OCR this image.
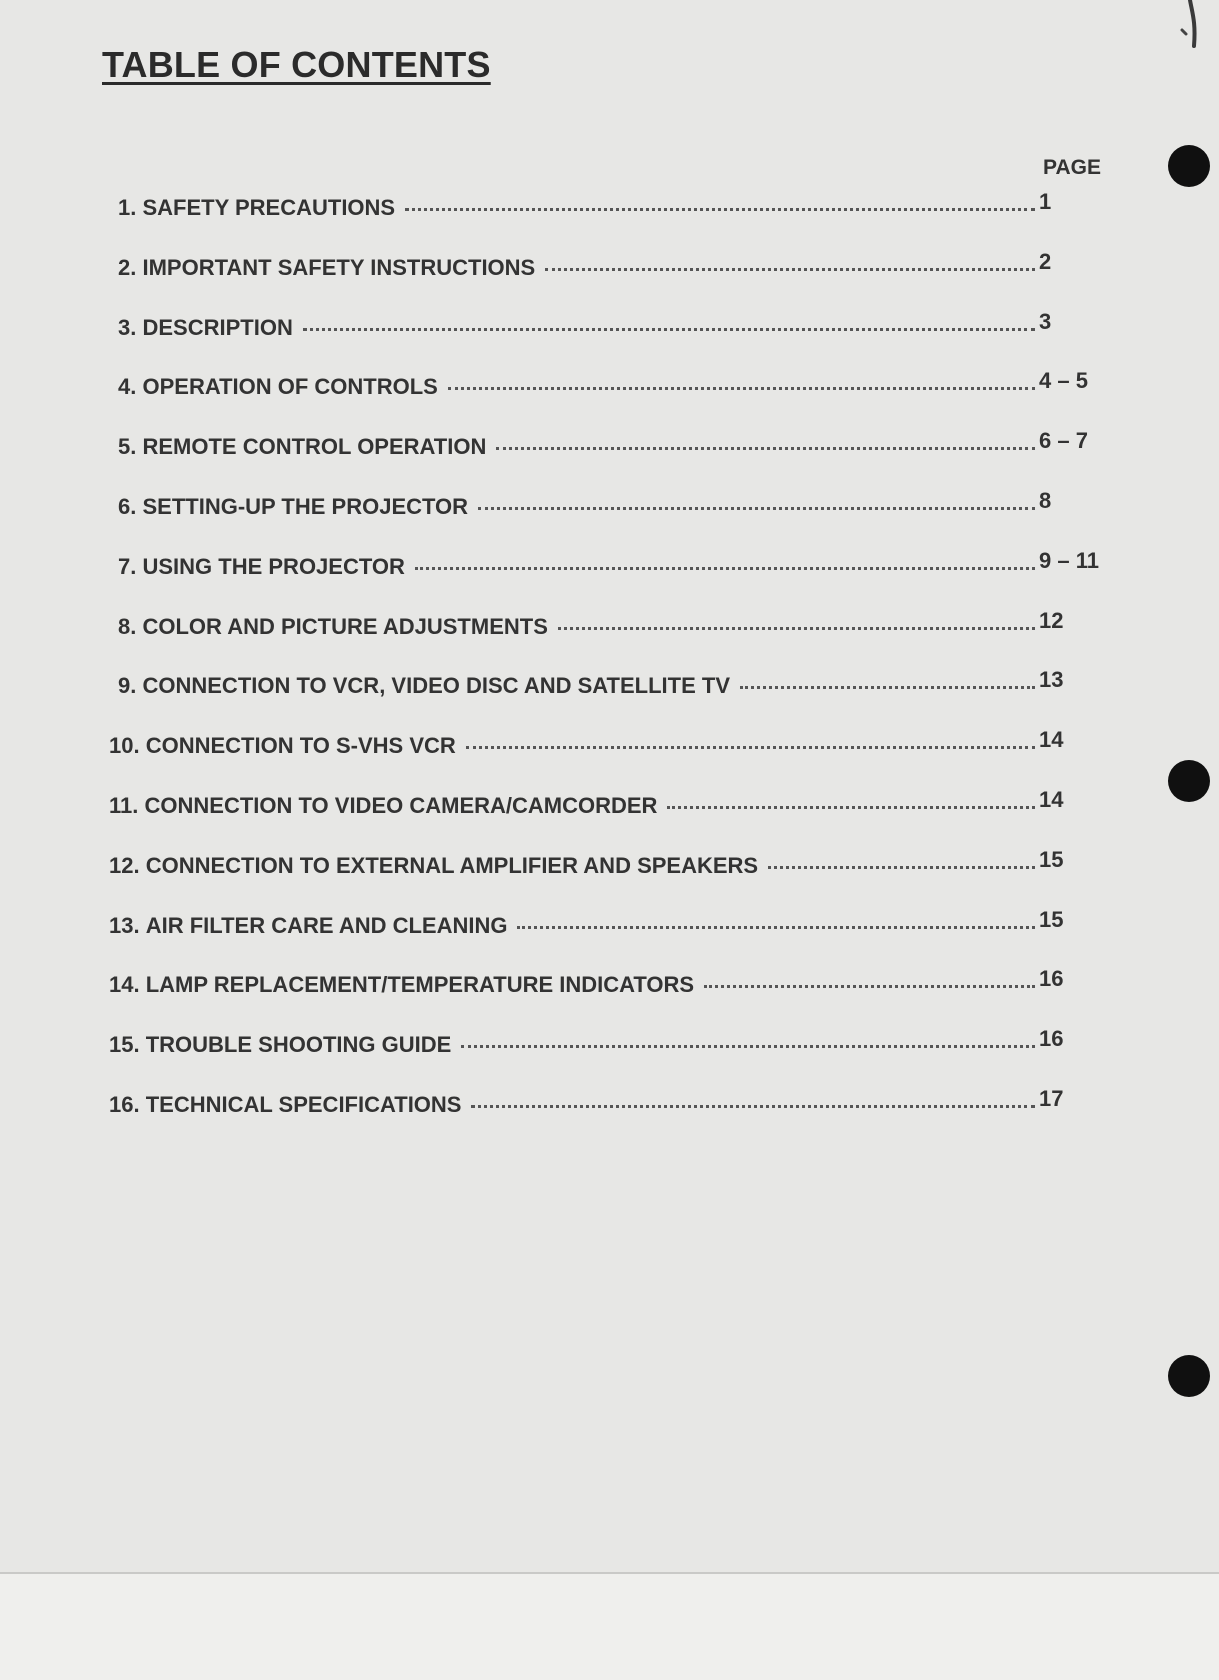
TABLE OF CONTENTS
PAGE
1.
SAFETY PRECAUTIONS	1
2.
IMPORTANT SAFETY INSTRUCTIONS	2
3.
DESCRIPTION	3
4.
OPERATION OF CONTROLS	4 – 5
5.
REMOTE CONTROL OPERATION	6 – 7
6.
SETTING-UP THE PROJECTOR	8
7.
USING THE PROJECTOR	9 – 11
8.
COLOR AND PICTURE ADJUSTMENTS	12
9.
CONNECTION TO VCR, VIDEO DISC AND SATELLITE TV	13
10.
CONNECTION TO S-VHS VCR	14
11.
CONNECTION TO VIDEO CAMERA/CAMCORDER	14
12.
CONNECTION TO EXTERNAL AMPLIFIER AND SPEAKERS	15
13.
AIR FILTER CARE AND CLEANING	15
14.
LAMP REPLACEMENT/TEMPERATURE INDICATORS	16
15.
TROUBLE SHOOTING GUIDE	16
16.
TECHNICAL SPECIFICATIONS	17
